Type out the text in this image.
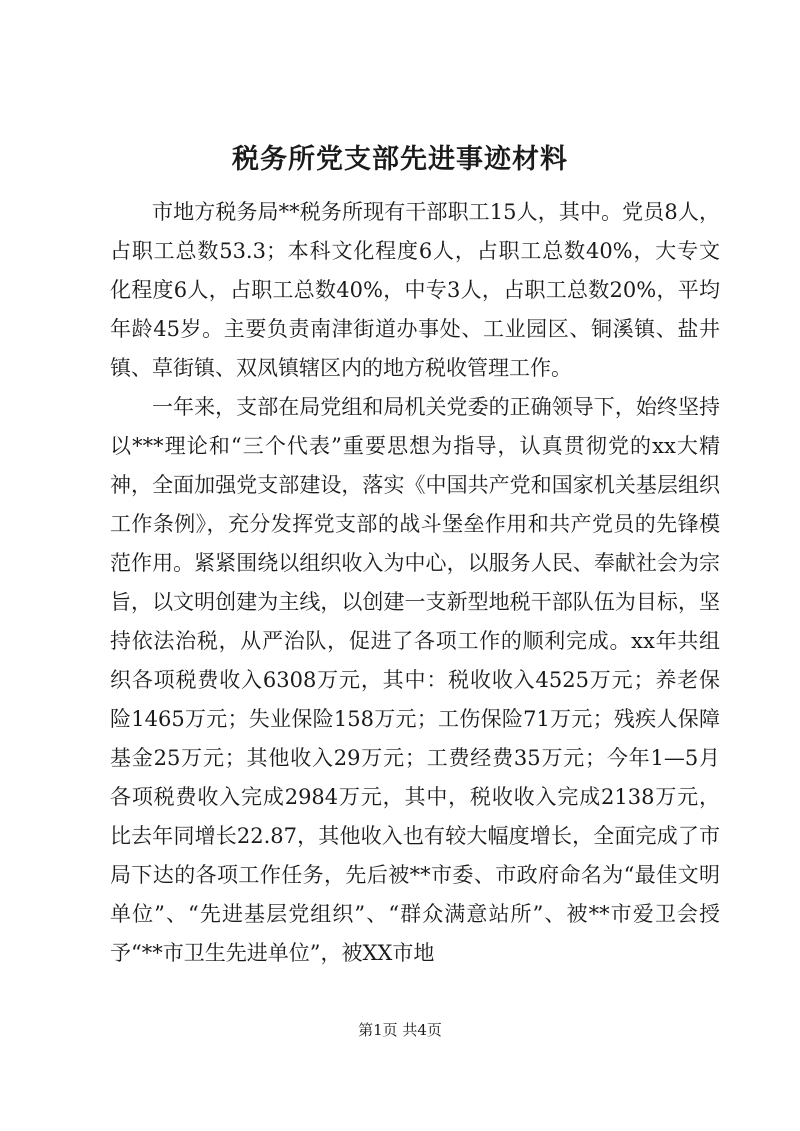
税务所党支部先进事迹材料

市地方税务局**税务所现有干部职工15人，其中。党员8人，占职工总数53.3；本科文化程度6人，占职工总数40%，大专文化程度6人，占职工总数40%，中专3人，占职工总数20%，平均年龄45岁。主要负责南津街道办事处、工业园区、铜溪镇、盐井镇、草街镇、双凤镇辖区内的地方税收管理工作。

一年来，支部在局党组和局机关党委的正确领导下，始终坚持以***理论和“三个代表”重要思想为指导，认真贯彻党的xx大精神，全面加强党支部建设，落实《中国共产党和国家机关基层组织工作条例》，充分发挥党支部的战斗堡垒作用和共产党员的先锋模范作用。紧紧围绕以组织收入为中心，以服务人民、奉献社会为宗旨，以文明创建为主线，以创建一支新型地税干部队伍为目标，坚持依法治税，从严治队，促进了各项工作的顺利完成。xx年共组织各项税费收入6308万元，其中：税收收入4525万元；养老保险1465万元；失业保险158万元；工伤保险71万元；残疾人保障基金25万元；其他收入29万元；工费经费35万元；今年1—5月各项税费收入完成2984万元，其中，税收收入完成2138万元，比去年同增长22.87，其他收入也有较大幅度增长，全面完成了市局下达的各项工作任务，先后被**市委、市政府命名为“最佳文明单位”、“先进基层党组织”、“群众满意站所”、被**市爱卫会授予“**市卫生先进单位”，被XX市地

第1页 共4页
